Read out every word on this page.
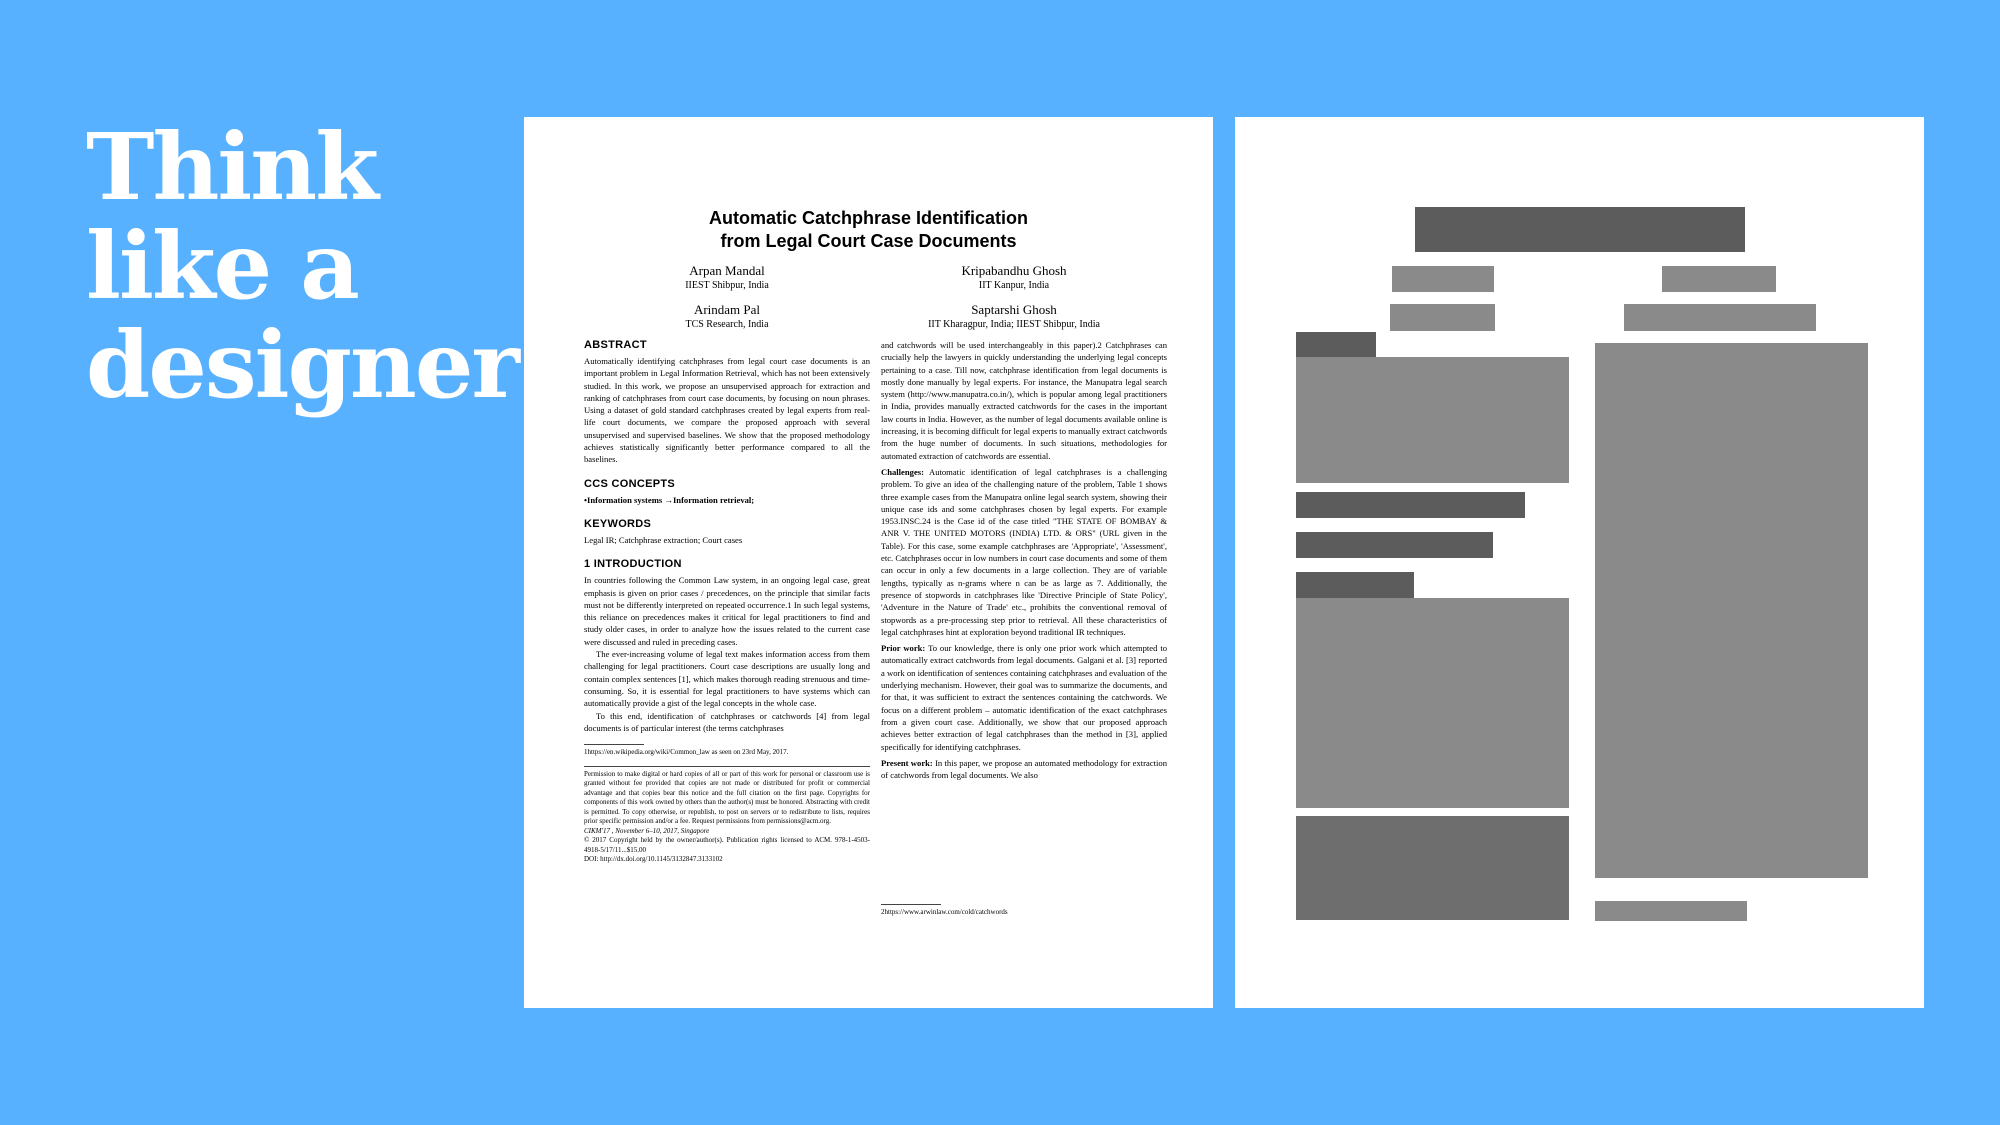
Think
like a
designer
Automatic Catchphrase Identification
from Legal Court Case Documents
Arpan Mandal
IIEST Shibpur, India
Kripabandhu Ghosh
IIT Kanpur, India
Arindam Pal
TCS Research, India
Saptarshi Ghosh
IIT Kharagpur, India; IIEST Shibpur, India
ABSTRACT

Automatically identifying catchphrases from legal court case documents is an important problem in Legal Information Retrieval, which has not been extensively studied. In this work, we propose an unsupervised approach for extraction and ranking of catchphrases from court case documents, by focusing on noun phrases. Using a dataset of gold standard catchphrases created by legal experts from real-life court documents, we compare the proposed approach with several unsupervised and supervised baselines. We show that the proposed methodology achieves statistically significantly better performance compared to all the baselines.

CCS CONCEPTS

•Information systems →Information retrieval;

KEYWORDS

Legal IR; Catchphrase extraction; Court cases

1 INTRODUCTION

In countries following the Common Law system, in an ongoing legal case, great emphasis is given on prior cases / precedences, on the principle that similar facts must not be differently interpreted on repeated occurrence.1 In such legal systems, this reliance on precedences makes it critical for legal practitioners to find and study older cases, in order to analyze how the issues related to the current case were discussed and ruled in preceding cases.

The ever-increasing volume of legal text makes information access from them challenging for legal practitioners. Court case descriptions are usually long and contain complex sentences [1], which makes thorough reading strenuous and time-consuming. So, it is essential for legal practitioners to have systems which can automatically provide a gist of the legal concepts in the whole case.

To this end, identification of catchphrases or catchwords [4] from legal documents is of particular interest (the terms catchphrases

1https://en.wikipedia.org/wiki/Common_law as seen on 23rd May, 2017.

Permission to make digital or hard copies of all or part of this work for personal or classroom use is granted without fee provided that copies are not made or distributed for profit or commercial advantage and that copies bear this notice and the full citation on the first page. Copyrights for components of this work owned by others than the author(s) must be honored. Abstracting with credit is permitted. To copy otherwise, or republish, to post on servers or to redistribute to lists, requires prior specific permission and/or a fee. Request permissions from permissions@acm.org.

CIKM'17 , November 6–10, 2017, Singapore

© 2017 Copyright held by the owner/author(s). Publication rights licensed to ACM. 978-1-4503-4918-5/17/11...$15.00

DOI: http://dx.doi.org/10.1145/3132847.3133102

and catchwords will be used interchangeably in this paper).2 Catchphrases can crucially help the lawyers in quickly understanding the underlying legal concepts pertaining to a case. Till now, catchphrase identification from legal documents is mostly done manually by legal experts. For instance, the Manupatra legal search system (http://www.manupatra.co.in/), which is popular among legal practitioners in India, provides manually extracted catchwords for the cases in the important law courts in India. However, as the number of legal documents available online is increasing, it is becoming difficult for legal experts to manually extract catchwords from the huge number of documents. In such situations, methodologies for automated extraction of catchwords are essential.

Challenges: Automatic identification of legal catchphrases is a challenging problem. To give an idea of the challenging nature of the problem, Table 1 shows three example cases from the Manupatra online legal search system, showing their unique case ids and some catchphrases chosen by legal experts. For example 1953.INSC.24 is the Case id of the case titled "THE STATE OF BOMBAY & ANR V. THE UNITED MOTORS (INDIA) LTD. & ORS" (URL given in the Table). For this case, some example catchphrases are 'Appropriate', 'Assessment', etc. Catchphrases occur in low numbers in court case documents and some of them can occur in only a few documents in a large collection. They are of variable lengths, typically as n-grams where n can be as large as 7. Additionally, the presence of stopwords in catchphrases like 'Directive Principle of State Policy', 'Adventure in the Nature of Trade' etc., prohibits the conventional removal of stopwords as a pre-processing step prior to retrieval. All these characteristics of legal catchphrases hint at exploration beyond traditional IR techniques.

Prior work: To our knowledge, there is only one prior work which attempted to automatically extract catchwords from legal documents. Galgani et al. [3] reported a work on identification of sentences containing catchphrases and evaluation of the underlying mechanism. However, their goal was to summarize the documents, and for that, it was sufficient to extract the sentences containing the catchwords. We focus on a different problem – automatic identification of the exact catchphrases from a given court case. Additionally, we show that our proposed approach achieves better extraction of legal catchphrases than the method in [3], applied specifically for identifying catchphrases.

Present work: In this paper, we propose an automated methodology for extraction of catchwords from legal documents. We also

2https://www.arwinlaw.com/cold/catchwords
